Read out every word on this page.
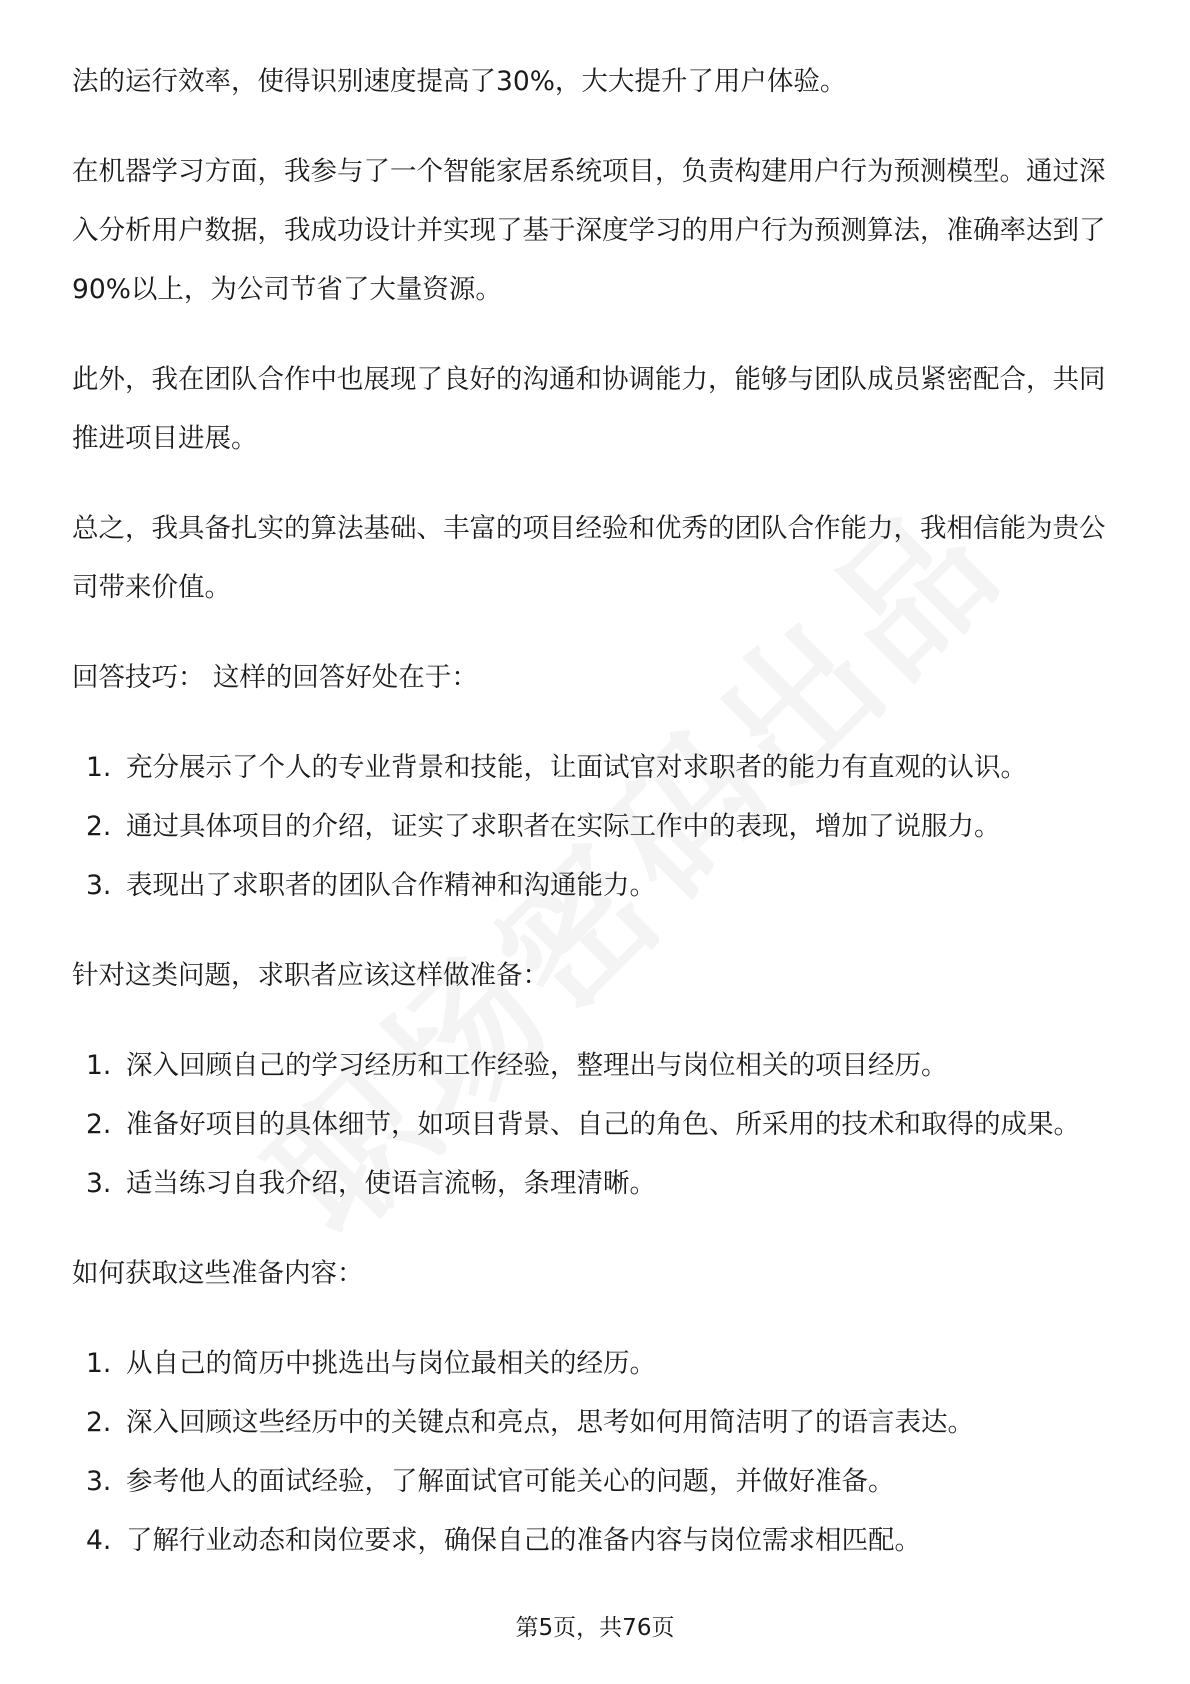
法的运行效率，使得识别速度提高了30%，大大提升了用户体验。

在机器学习方面，我参与了一个智能家居系统项目，负责构建用户行为预测模型。通过深入分析用户数据，我成功设计并实现了基于深度学习的用户行为预测算法，准确率达到了90%以上，为公司节省了大量资源。

此外，我在团队合作中也展现了良好的沟通和协调能力，能够与团队成员紧密配合，共同推进项目进展。

总之，我具备扎实的算法基础、丰富的项目经验和优秀的团队合作能力，我相信能为贵公司带来价值。

回答技巧： 这样的回答好处在于：

1. 充分展示了个人的专业背景和技能，让面试官对求职者的能力有直观的认识。
2. 通过具体项目的介绍，证实了求职者在实际工作中的表现，增加了说服力。
3. 表现出了求职者的团队合作精神和沟通能力。

针对这类问题，求职者应该这样做准备：

1. 深入回顾自己的学习经历和工作经验，整理出与岗位相关的项目经历。
2. 准备好项目的具体细节，如项目背景、自己的角色、所采用的技术和取得的成果。
3. 适当练习自我介绍，使语言流畅，条理清晰。

如何获取这些准备内容：

1. 从自己的简历中挑选出与岗位最相关的经历。
2. 深入回顾这些经历中的关键点和亮点，思考如何用简洁明了的语言表达。
3. 参考他人的面试经验，了解面试官可能关心的问题，并做好准备。
4. 了解行业动态和岗位要求，确保自己的准备内容与岗位需求相匹配。
第5页，共76页
